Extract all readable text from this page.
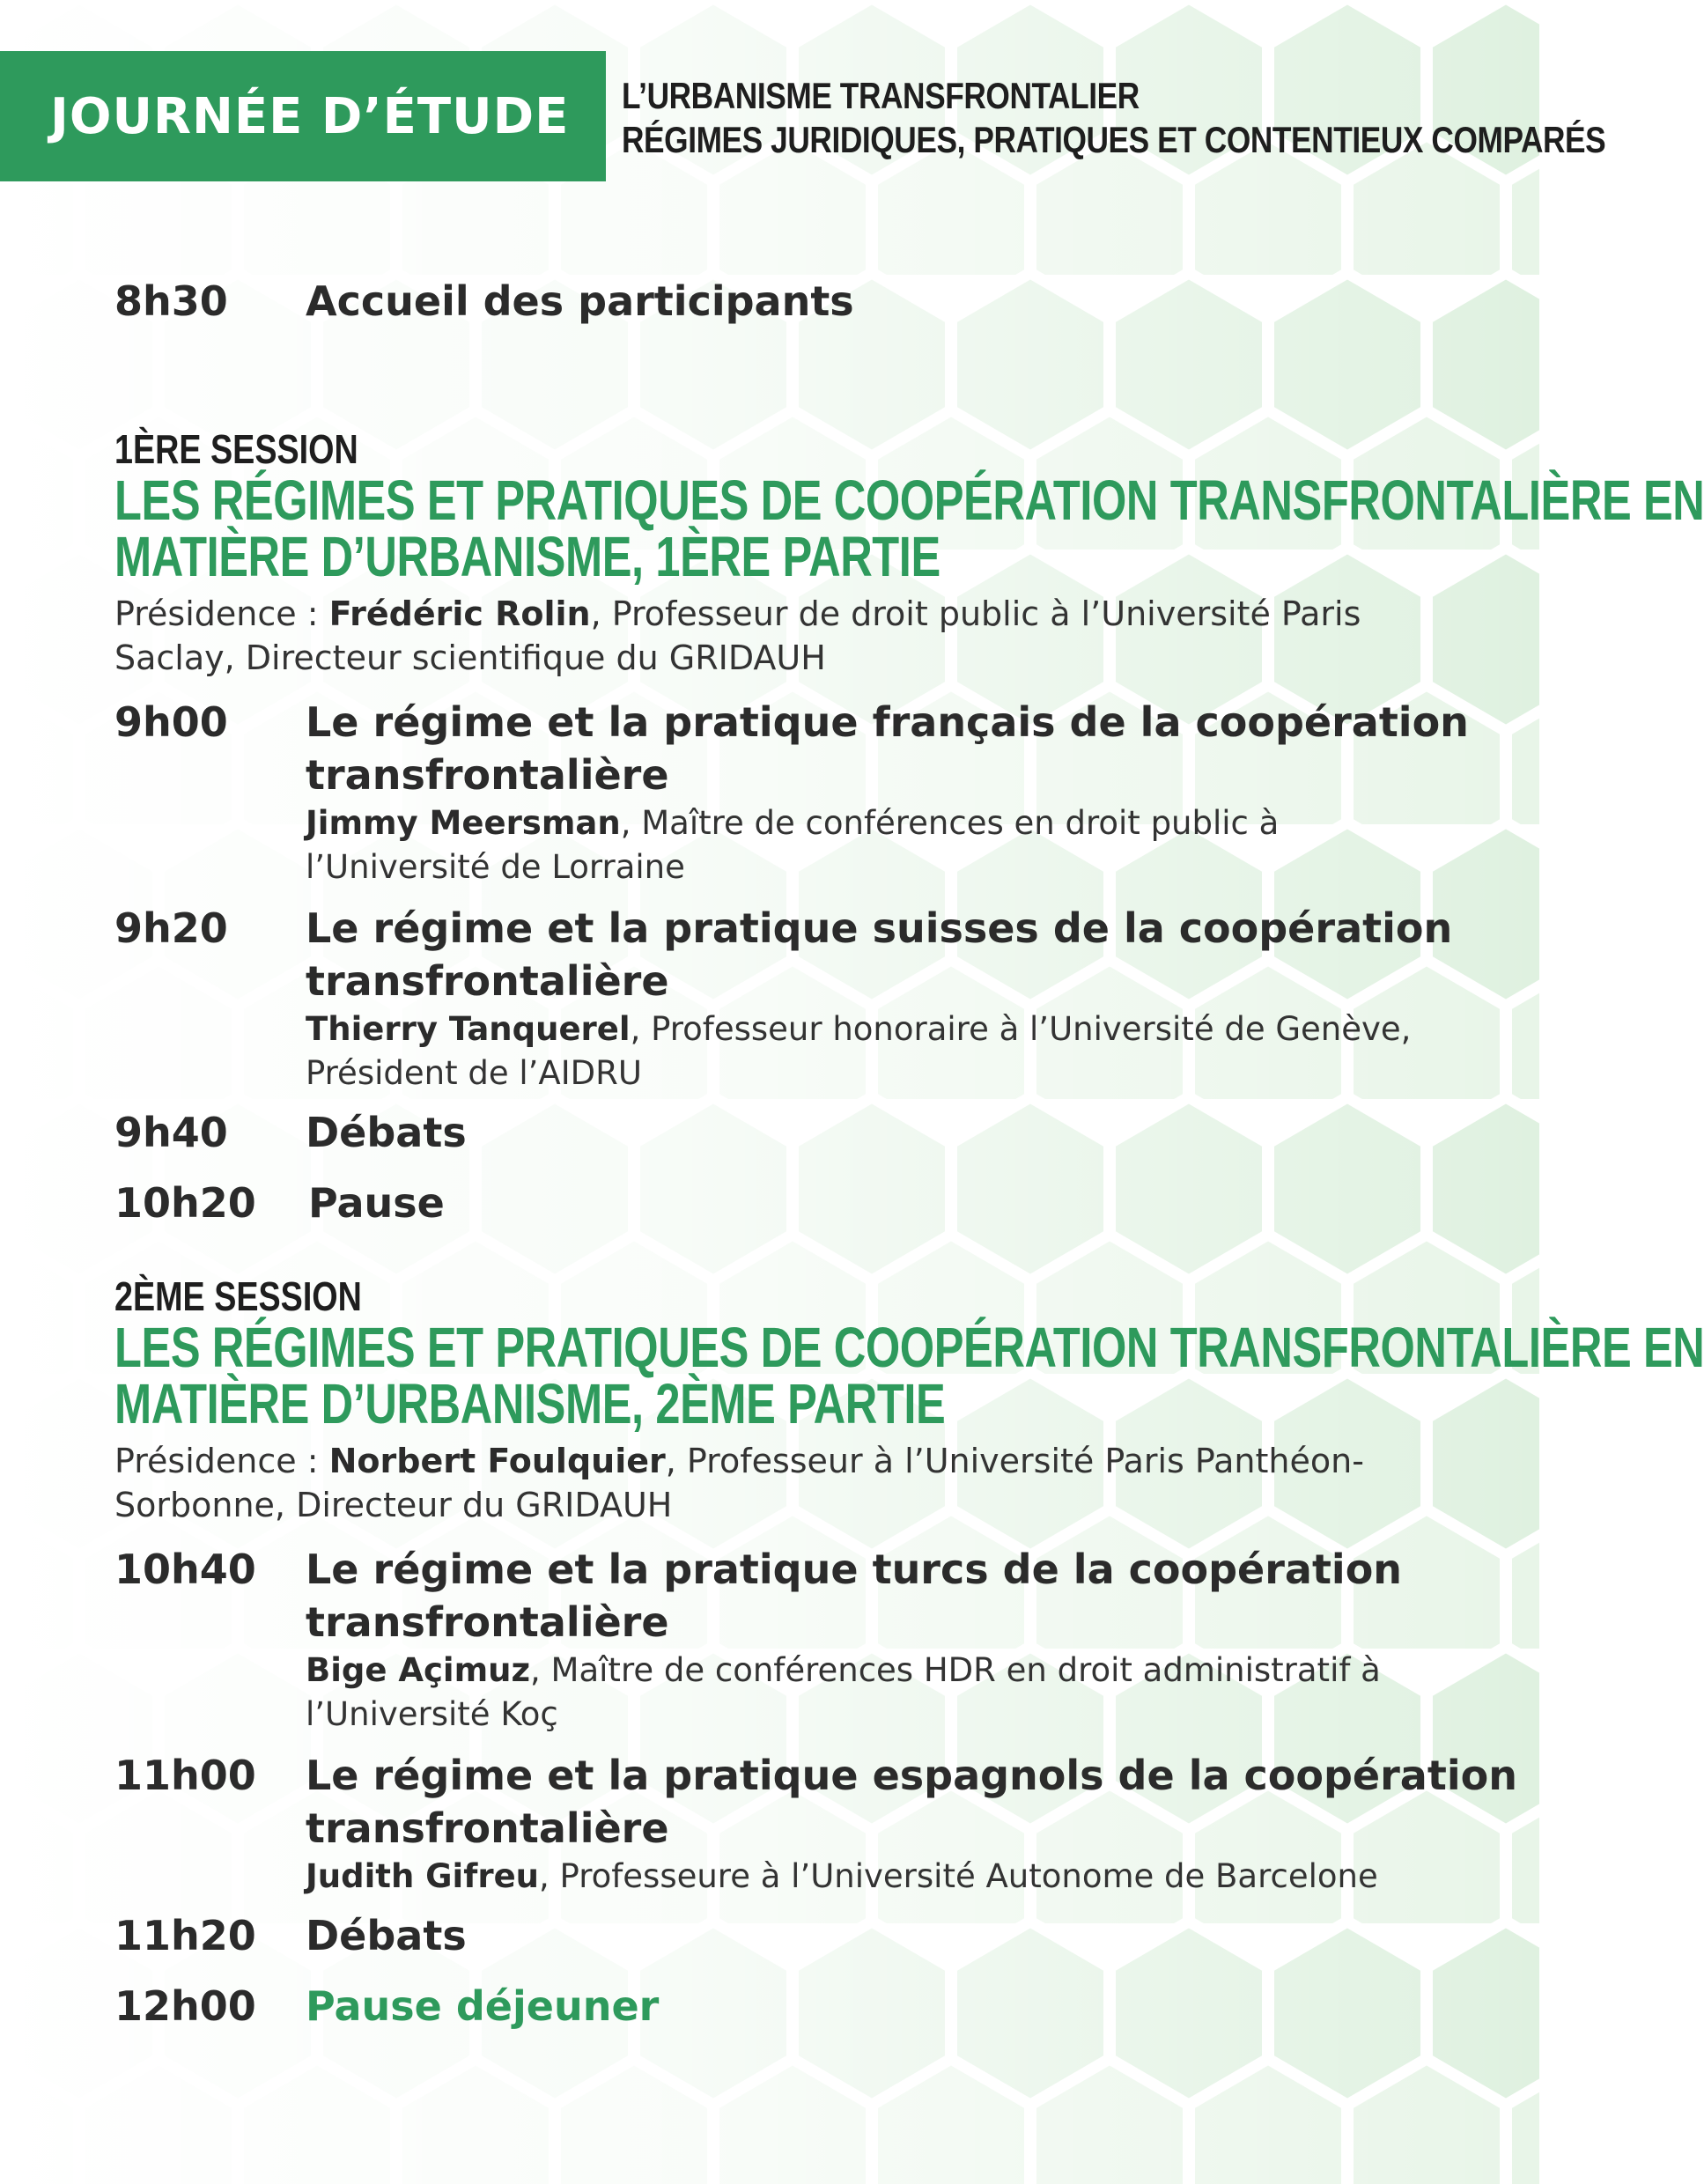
JOURNÉE D’ÉTUDE L’URBANISME TRANSFRONTALIER
RÉGIMES JURIDIQUES, PRATIQUES ET CONTENTIEUX COMPARÉS
8h30 Accueil des participants
1ÈRE SESSION
LES RÉGIMES ET PRATIQUES DE COOPÉRATION TRANSFRONTALIÈRE EN
MATIÈRE D’URBANISME, 1ÈRE PARTIE
Présidence : Frédéric Rolin, Professeur de droit public à l’Université Paris Saclay, Directeur scientifique du GRIDAUH
9h00 Le régime et la pratique français de la coopération
transfrontalière
Jimmy Meersman, Maître de conférences en droit public à
l’Université de Lorraine
9h20 Le régime et la pratique suisses de la coopération
transfrontalière
Thierry Tanquerel, Professeur honoraire à l’Université de Genève,
Président de l’AIDRU
9h40 Débats
10h20 Pause
2ÈME SESSION
LES RÉGIMES ET PRATIQUES DE COOPÉRATION TRANSFRONTALIÈRE EN
MATIÈRE D’URBANISME, 2ÈME PARTIE
Présidence : Norbert Foulquier, Professeur à l’Université Paris Panthéon-Sorbonne, Directeur du GRIDAUH
10h40 Le régime et la pratique turcs de la coopération
transfrontalière
Bige Açimuz, Maître de conférences HDR en droit administratif à
l’Université Koç
11h00 Le régime et la pratique espagnols de la coopération
transfrontalière
Judith Gifreu, Professeure à l’Université Autonome de Barcelone
11h20 Débats
12h00 Pause déjeuner
